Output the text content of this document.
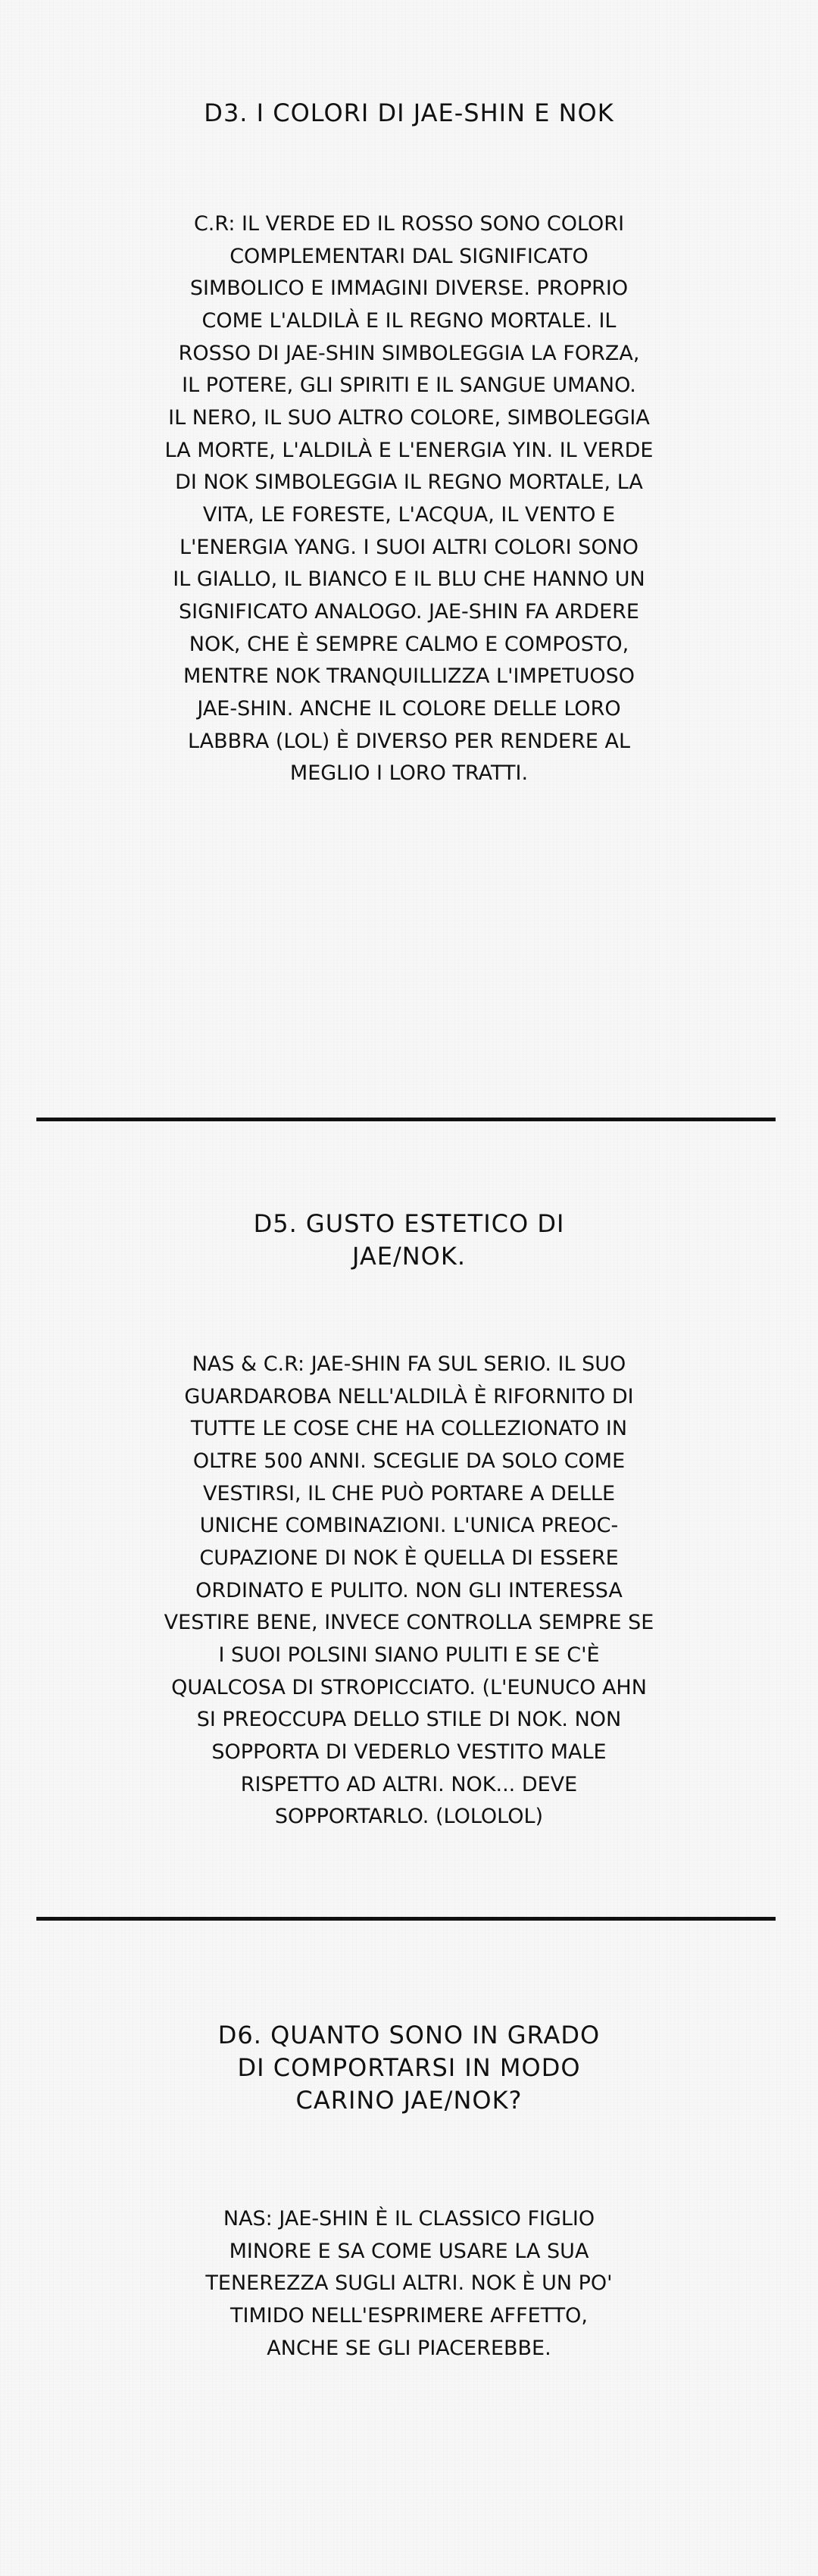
D3. I COLORI DI JAE-SHIN E NOK

C.R: IL VERDE ED IL ROSSO SONO COLORI
COMPLEMENTARI DAL SIGNIFICATO
SIMBOLICO E IMMAGINI DIVERSE. PROPRIO
COME L'ALDILÀ E IL REGNO MORTALE. IL
ROSSO DI JAE-SHIN SIMBOLEGGIA LA FORZA,
IL POTERE, GLI SPIRITI E IL SANGUE UMANO.
IL NERO, IL SUO ALTRO COLORE, SIMBOLEGGIA
LA MORTE, L'ALDILÀ E L'ENERGIA YIN. IL VERDE
DI NOK SIMBOLEGGIA IL REGNO MORTALE, LA
VITA, LE FORESTE, L'ACQUA, IL VENTO E
L'ENERGIA YANG. I SUOI ALTRI COLORI SONO
IL GIALLO, IL BIANCO E IL BLU CHE HANNO UN
SIGNIFICATO ANALOGO. JAE-SHIN FA ARDERE
NOK, CHE È SEMPRE CALMO E COMPOSTO,
MENTRE NOK TRANQUILLIZZA L'IMPETUOSO
JAE-SHIN. ANCHE IL COLORE DELLE LORO
LABBRA (LOL) È DIVERSO PER RENDERE AL
MEGLIO I LORO TRATTI.

D5. GUSTO ESTETICO DI
JAE/NOK.

NAS & C.R: JAE-SHIN FA SUL SERIO. IL SUO
GUARDAROBA NELL'ALDILÀ È RIFORNITO DI
TUTTE LE COSE CHE HA COLLEZIONATO IN
OLTRE 500 ANNI. SCEGLIE DA SOLO COME
VESTIRSI, IL CHE PUÒ PORTARE A DELLE
UNICHE COMBINAZIONI. L'UNICA PREOC-
CUPAZIONE DI NOK È QUELLA DI ESSERE
ORDINATO E PULITO. NON GLI INTERESSA
VESTIRE BENE, INVECE CONTROLLA SEMPRE SE
I SUOI POLSINI SIANO PULITI E SE C'È
QUALCOSA DI STROPICCIATO. (L'EUNUCO AHN
SI PREOCCUPA DELLO STILE DI NOK. NON
SOPPORTA DI VEDERLO VESTITO MALE
RISPETTO AD ALTRI. NOK... DEVE
SOPPORTARLO. (LOLOLOL)

D6. QUANTO SONO IN GRADO
DI COMPORTARSI IN MODO
CARINO JAE/NOK?

NAS: JAE-SHIN È IL CLASSICO FIGLIO
MINORE E SA COME USARE LA SUA
TENEREZZA SUGLI ALTRI. NOK È UN PO'
TIMIDO NELL'ESPRIMERE AFFETTO,
ANCHE SE GLI PIACEREBBE.
